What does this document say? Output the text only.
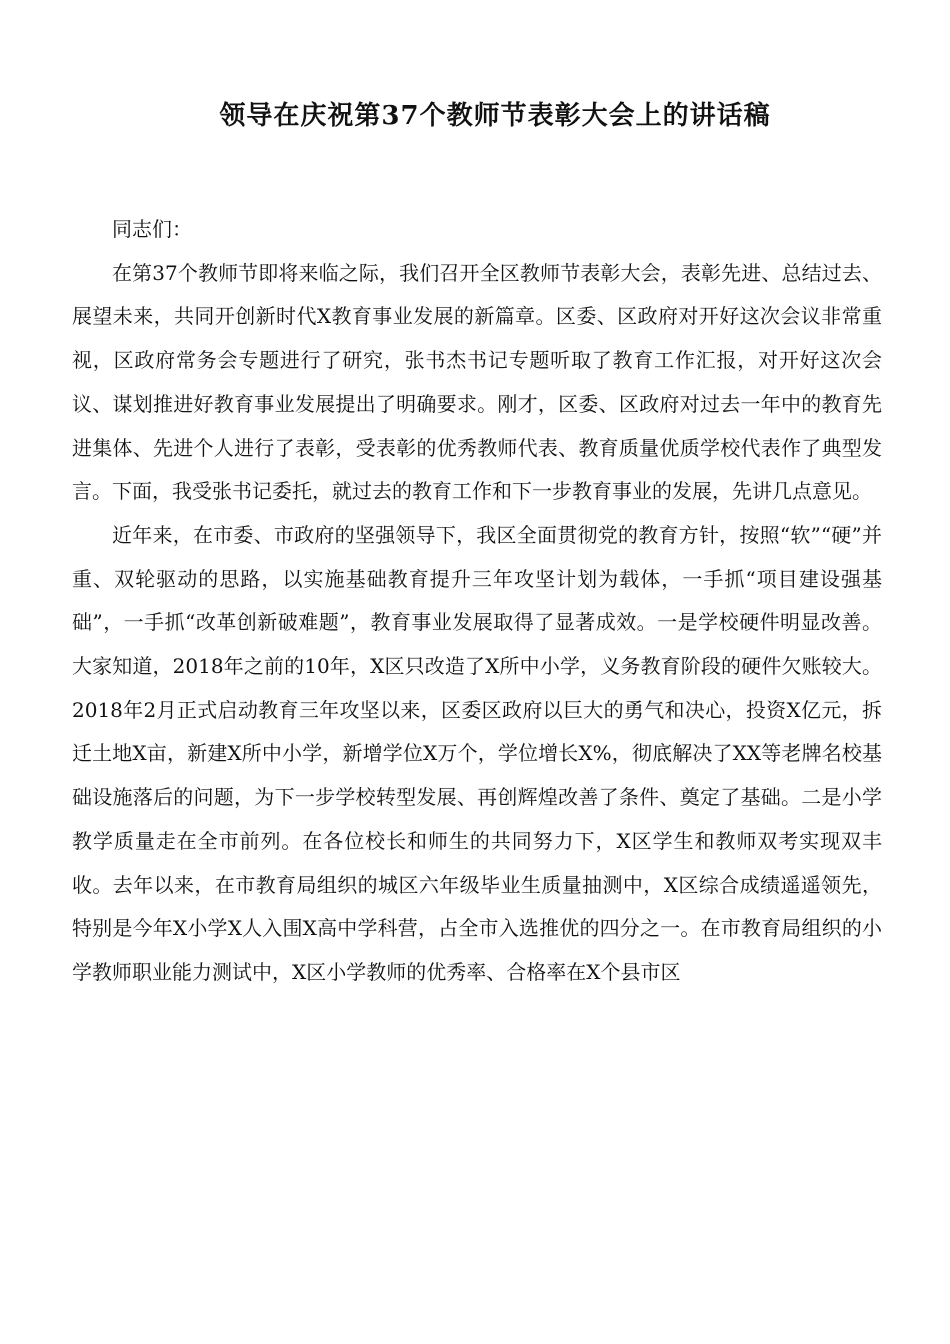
领导在庆祝第37个教师节表彰大会上的讲话稿

同志们：

在第37个教师节即将来临之际，我们召开全区教师节表彰大会，表彰先进、总结过去、展望未来，共同开创新时代X教育事业发展的新篇章。区委、区政府对开好这次会议非常重视，区政府常务会专题进行了研究，张书杰书记专题听取了教育工作汇报，对开好这次会议、谋划推进好教育事业发展提出了明确要求。刚才，区委、区政府对过去一年中的教育先进集体、先进个人进行了表彰，受表彰的优秀教师代表、教育质量优质学校代表作了典型发言。下面，我受张书记委托，就过去的教育工作和下一步教育事业的发展，先讲几点意见。

近年来，在市委、市政府的坚强领导下，我区全面贯彻党的教育方针，按照“软”“硬”并重、双轮驱动的思路，以实施基础教育提升三年攻坚计划为载体，一手抓“项目建设强基础”，一手抓“改革创新破难题”，教育事业发展取得了显著成效。一是学校硬件明显改善。大家知道，2018年之前的10年，X区只改造了X所中小学，义务教育阶段的硬件欠账较大。2018年2月正式启动教育三年攻坚以来，区委区政府以巨大的勇气和决心，投资X亿元，拆迁土地X亩，新建X所中小学，新增学位X万个，学位增长X%，彻底解决了XX等老牌名校基础设施落后的问题，为下一步学校转型发展、再创辉煌改善了条件、奠定了基础。二是小学教学质量走在全市前列。在各位校长和师生的共同努力下，X区学生和教师双考实现双丰收。去年以来，在市教育局组织的城区六年级毕业生质量抽测中，X区综合成绩遥遥领先，特别是今年X小学X人入围X高中学科营，占全市入选推优的四分之一。在市教育局组织的小学教师职业能力测试中，X区小学教师的优秀率、合格率在X个县市区
